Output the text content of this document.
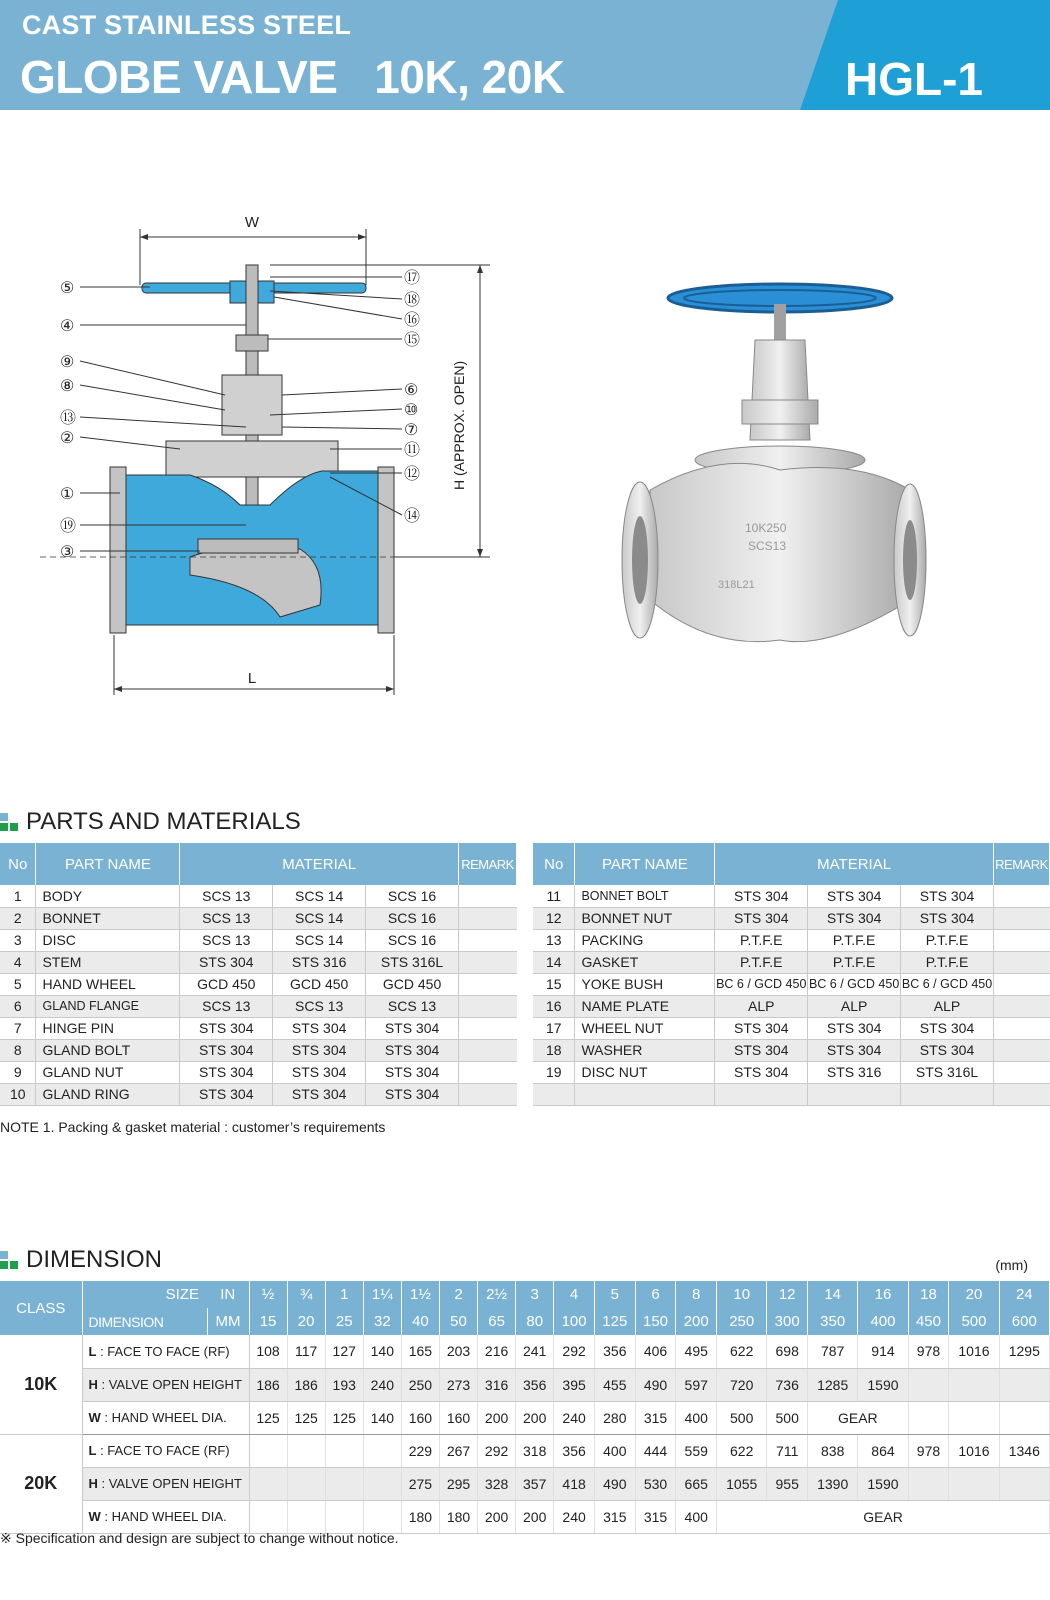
CAST STAINLESS STEEL
GLOBE VALVE   10K, 20K	HGL-1
W
H (APPROX. OPEN)
L
⑤
④
⑨
⑧
⑬
②
①
⑲
③
⑰
⑱
⑯
⑮
⑥
⑩
⑦
⑪
⑫
⑭
10K250
SCS13
318L21
PARTS AND MATERIALS
No	PART NAME	MATERIAL			REMARK
1	BODY	SCS 13	SCS 14	SCS 16	
2	BONNET	SCS 13	SCS 14	SCS 16	
3	DISC	SCS 13	SCS 14	SCS 16	
4	STEM	STS 304	STS 316	STS 316L	
5	HAND WHEEL	GCD 450	GCD 450	GCD 450	
6	GLAND FLANGE	SCS 13	SCS 13	SCS 13	
7	HINGE PIN	STS 304	STS 304	STS 304	
8	GLAND BOLT	STS 304	STS 304	STS 304	
9	GLAND NUT	STS 304	STS 304	STS 304	
10	GLAND RING	STS 304	STS 304	STS 304	
No	PART NAME	MATERIAL			REMARK
11	BONNET BOLT	STS 304	STS 304	STS 304	
12	BONNET NUT	STS 304	STS 304	STS 304	
13	PACKING	P.T.F.E	P.T.F.E	P.T.F.E	
14	GASKET	P.T.F.E	P.T.F.E	P.T.F.E	
15	YOKE BUSH	BC 6 / GCD 450	BC 6 / GCD 450	BC 6 / GCD 450	
16	NAME PLATE	ALP	ALP	ALP	
17	WHEEL NUT	STS 304	STS 304	STS 304	
18	WASHER	STS 304	STS 304	STS 304	
19	DISC NUT	STS 304	STS 316	STS 316L	

NOTE 1. Packing & gasket material : customer’s requirements
DIMENSION	(mm)
CLASS	SIZE	IN	½	¾	1	1¼	1½	2	2½	3	4	5	6	8	10	12	14	16	18	20	24
	DIMENSION	MM	15	20	25	32	40	50	65	80	100	125	150	200	250	300	350	400	450	500	600
10K	L : FACE TO FACE (RF)		108	117	127	140	165	203	216	241	292	356	406	495	622	698	787	914	978	1016	1295
	H : VALVE OPEN HEIGHT		186	186	193	240	250	273	316	356	395	455	490	597	720	736	1285	1590			
	W : HAND WHEEL DIA.		125	125	125	140	160	160	200	200	240	280	315	400	500	500	GEAR				
20K	L : FACE TO FACE (RF)						229	267	292	318	356	400	444	559	622	711	838	864	978	1016	1346
	H : VALVE OPEN HEIGHT						275	295	328	357	418	490	530	665	1055	955	1390	1590			
	W : HAND WHEEL DIA.						180	180	200	200	240	315	315	400	GEAR						
※ Specification and design are subject to change without notice.
